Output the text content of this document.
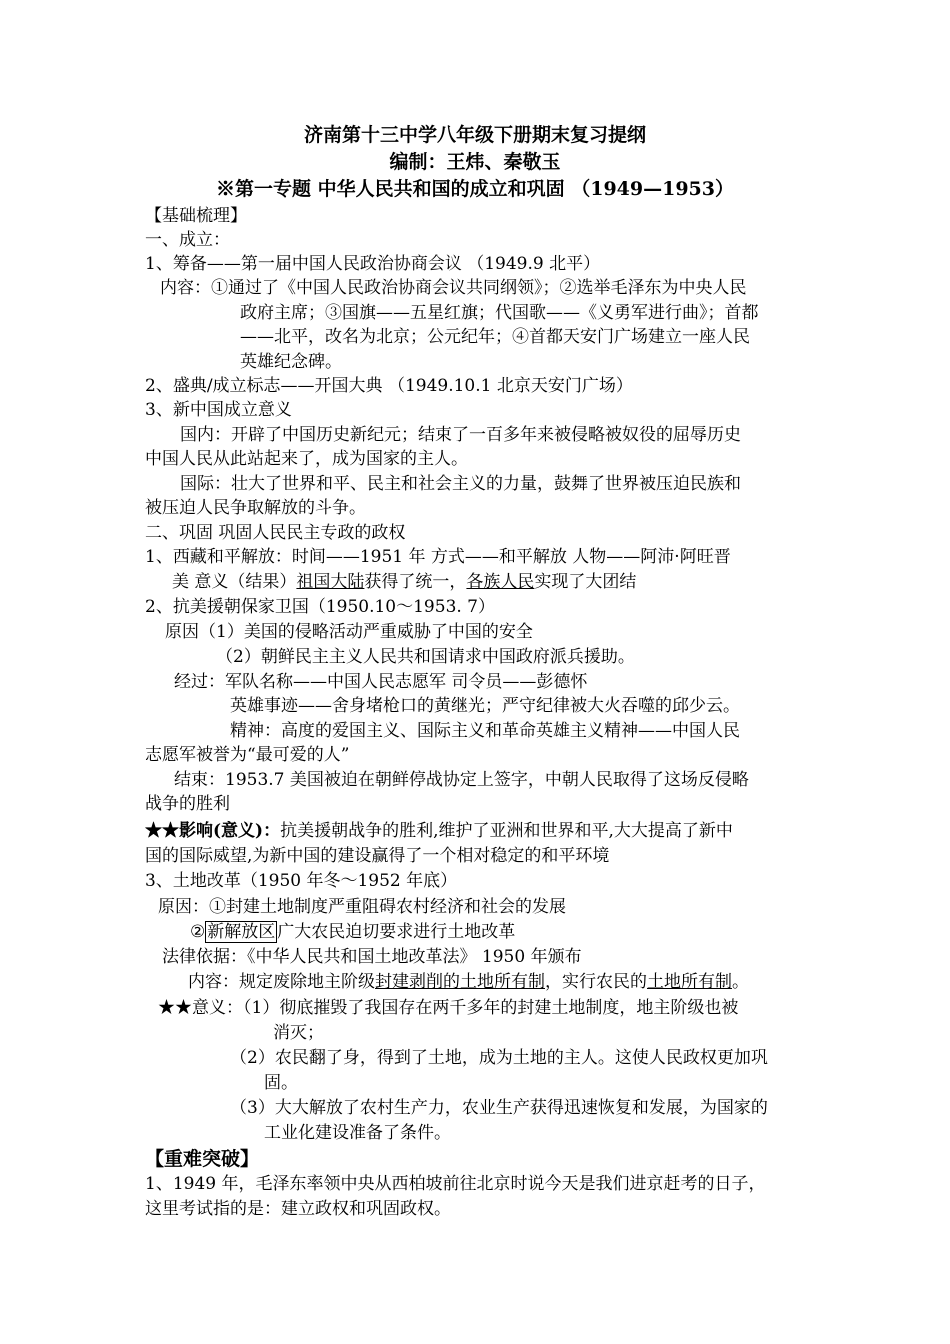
济南第十三中学八年级下册期末复习提纲
编制：王炜、秦敬玉
※第一专题 中华人民共和国的成立和巩固 （1949—1953）
【基础梳理】
一、成立：
1、筹备——第一届中国人民政治协商会议 （1949.9 北平）
内容：①通过了《中国人民政治协商会议共同纲领》；②选举毛泽东为中央人民
政府主席；③国旗——五星红旗；代国歌——《义勇军进行曲》；首都
——北平，改名为北京；公元纪年；④首都天安门广场建立一座人民
英雄纪念碑。
2、盛典/成立标志——开国大典 （1949.10.1 北京天安门广场）
3、新中国成立意义
国内：开辟了中国历史新纪元；结束了一百多年来被侵略被奴役的屈辱历史
中国人民从此站起来了，成为国家的主人。
国际：壮大了世界和平、民主和社会主义的力量，鼓舞了世界被压迫民族和
被压迫人民争取解放的斗争。
二、巩固 巩固人民民主专政的政权
1、西藏和平解放：时间——1951 年 方式——和平解放 人物——阿沛·阿旺晋
美 意义（结果）祖国大陆获得了统一，各族人民实现了大团结
2、抗美援朝保家卫国（1950.10～1953. 7）
原因（1）美国的侵略活动严重威胁了中国的安全
（2）朝鲜民主主义人民共和国请求中国政府派兵援助。
经过：军队名称——中国人民志愿军 司令员——彭德怀
英雄事迹——舍身堵枪口的黄继光；严守纪律被大火吞噬的邱少云。
精神：高度的爱国主义、国际主义和革命英雄主义精神——中国人民
志愿军被誉为“最可爱的人”
结束：1953.7 美国被迫在朝鲜停战协定上签字，中朝人民取得了这场反侵略
战争的胜利
★★影响(意义)：抗美援朝战争的胜利,维护了亚洲和世界和平,大大提高了新中
国的国际威望,为新中国的建设赢得了一个相对稳定的和平环境
3、土地改革（1950 年冬～1952 年底）
原因：①封建土地制度严重阻碍农村经济和社会的发展
② 新解放区 广大农民迫切要求进行土地改革
法律依据：《中华人民共和国土地改革法》 1950 年颁布
内容：规定废除地主阶级封建剥削的土地所有制，实行农民的土地所有制。
★★意义：（1）彻底摧毁了我国存在两千多年的封建土地制度，地主阶级也被
消灭；
（2）农民翻了身，得到了土地，成为土地的主人。这使人民政权更加巩
固。
（3）大大解放了农村生产力，农业生产获得迅速恢复和发展，为国家的
工业化建设准备了条件。
【重难突破】
1、1949 年，毛泽东率领中央从西柏坡前往北京时说今天是我们进京赶考的日子，
这里考试指的是：建立政权和巩固政权。
